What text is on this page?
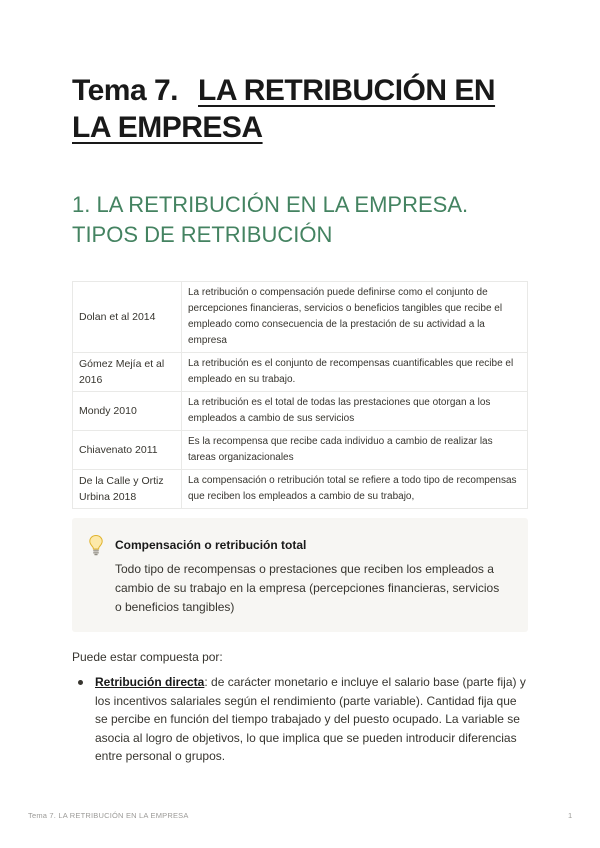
Tema 7. LA RETRIBUCIÓN EN LA EMPRESA
1. LA RETRIBUCIÓN EN LA EMPRESA. TIPOS DE RETRIBUCIÓN
Dolan et al 2014	La retribución o compensación puede definirse como el conjunto de percepciones financieras, servicios o beneficios tangibles que recibe el empleado como consecuencia de la prestación de su actividad a la empresa
Gómez Mejía et al 2016	La retribución es el conjunto de recompensas cuantificables que recibe el empleado en su trabajo.
Mondy 2010	La retribución es el total de todas las prestaciones que otorgan a los empleados a cambio de sus servicios
Chiavenato 2011	Es la recompensa que recibe cada individuo a cambio de realizar las tareas organizacionales
De la Calle y Ortiz Urbina 2018	La compensación o retribución total se refiere a todo tipo de recompensas que reciben los empleados a cambio de su trabajo,
Compensación o retribución total
Todo tipo de recompensas o prestaciones que reciben los empleados a cambio de su trabajo en la empresa (percepciones financieras, servicios o beneficios tangibles)
Puede estar compuesta por:
Retribución directa: de carácter monetario e incluye el salario base (parte fija) y los incentivos salariales según el rendimiento (parte variable). Cantidad fija que se percibe en función del tiempo trabajado y del puesto ocupado. La variable se asocia al logro de objetivos, lo que implica que se pueden introducir diferencias entre personal o grupos.
Tema 7. LA RETRIBUCIÓN EN LA EMPRESA	1
